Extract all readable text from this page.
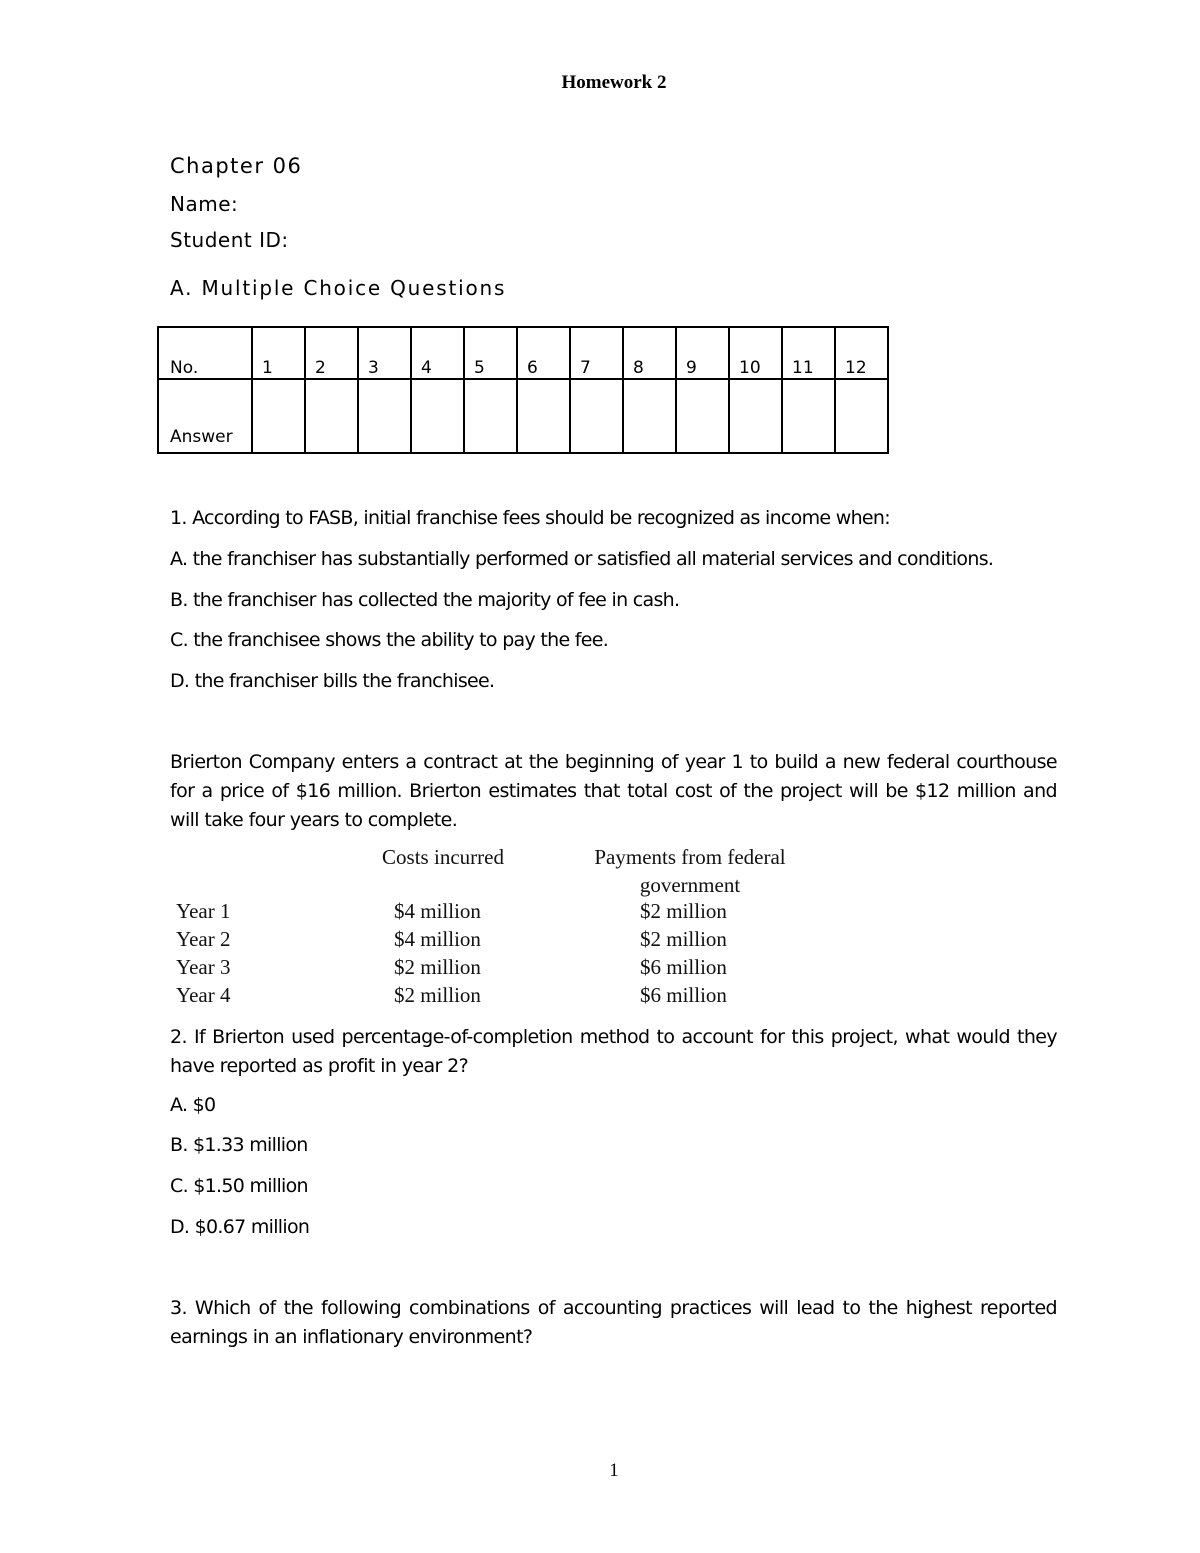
Homework 2
Chapter 06
Name:
Student ID:
A. Multiple Choice Questions
No.	1	2	3	4	5	6	7	8	9	10	11	12
Answer												
1. According to FASB, initial franchise fees should be recognized as income when:
A. the franchiser has substantially performed or satisfied all material services and conditions.
B. the franchiser has collected the majority of fee in cash.
C. the franchisee shows the ability to pay the fee.
D. the franchiser bills the franchisee.
Brierton Company enters a contract at the beginning of year 1 to build a new federal courthouse for a price of $16 million. Brierton estimates that total cost of the project will be $12 million and will take four years to complete.
Costs incurred	Payments from federal
government
Year 1	$4 million	$2 million
Year 2	$4 million	$2 million
Year 3	$2 million	$6 million
Year 4	$2 million	$6 million
2. If Brierton used percentage-of-completion method to account for this project, what would they have reported as profit in year 2?
A. $0
B. $1.33 million
C. $1.50 million
D. $0.67 million
3. Which of the following combinations of accounting practices will lead to the highest reported earnings in an inflationary environment?
1
